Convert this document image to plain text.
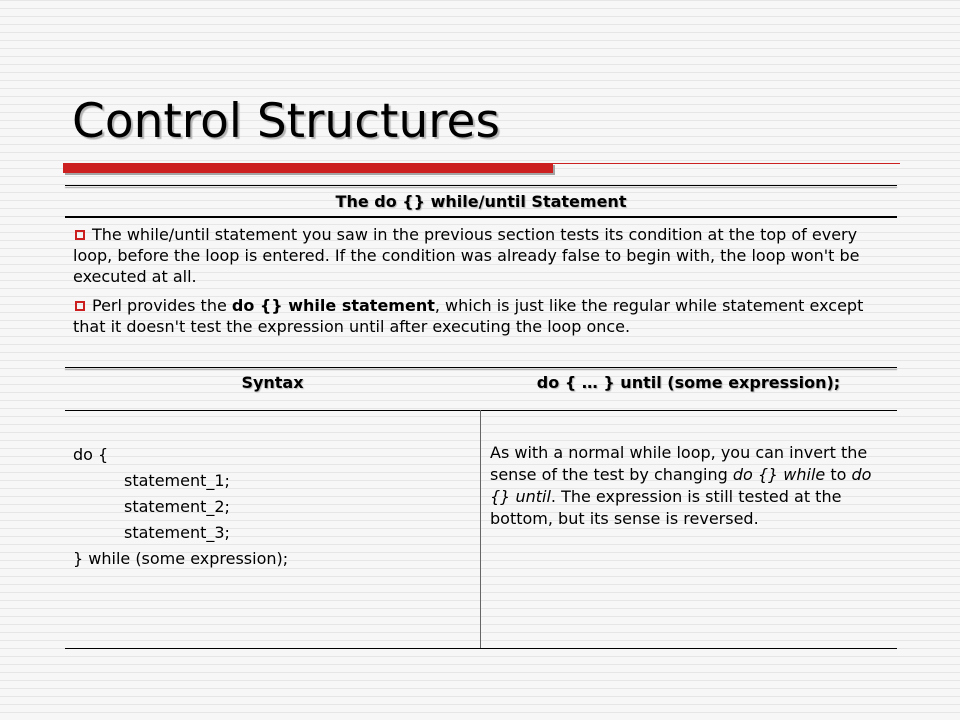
Control Structures
The do {} while/until Statement

The while/until statement you saw in the previous section tests its condition at the top of every loop, before the loop is entered. If the condition was already false to begin with, the loop won't be executed at all.

Perl provides the do {} while statement, which is just like the regular while statement except that it doesn't test the expression until after executing the loop once.

Syntax	do { … } until (some expression);
do {
statement_1;
statement_2;
statement_3;
} while (some expression);
As with a normal while loop, you can invert the sense of the test by changing do {} while to do {} until. The expression is still tested at the bottom, but its sense is reversed.
